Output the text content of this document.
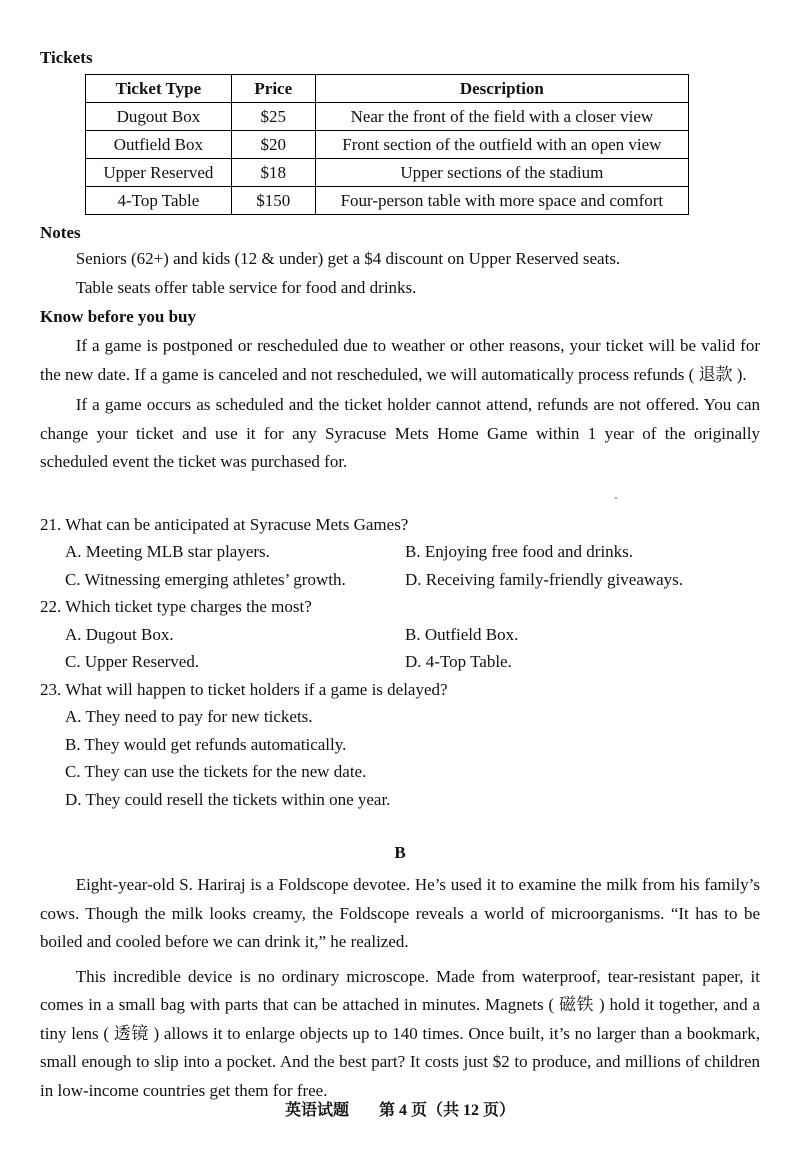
Tickets
Ticket Type	Price	Description
Dugout Box	$25	Near the front of the field with a closer view
Outfield Box	$20	Front section of the outfield with an open view
Upper Reserved	$18	Upper sections of the stadium
4-Top Table	$150	Four-person table with more space and comfort
Notes
Seniors (62+) and kids (12 & under) get a $4 discount on Upper Reserved seats.
Table seats offer table service for food and drinks.
Know before you buy

If a game is postponed or rescheduled due to weather or other reasons, your ticket will be valid for the new date. If a game is canceled and not rescheduled, we will automatically process refunds ( 退款 ).

If a game occurs as scheduled and the ticket holder cannot attend, refunds are not offered. You can change your ticket and use it for any Syracuse Mets Home Game within 1 year of the originally scheduled event the ticket was purchased for.

-
21. What can be anticipated at Syracuse Mets Games?
A. Meeting MLB star players.	B. Enjoying free food and drinks.
C. Witnessing emerging athletes’ growth.	D. Receiving family-friendly giveaways.
22. Which ticket type charges the most?
A. Dugout Box.	B. Outfield Box.
C. Upper Reserved.	D. 4-Top Table.
23. What will happen to ticket holders if a game is delayed?
A. They need to pay for new tickets.
B. They would get refunds automatically.
C. They can use the tickets for the new date.
D. They could resell the tickets within one year.
B

Eight-year-old S. Hariraj is a Foldscope devotee. He’s used it to examine the milk from his family’s cows. Though the milk looks creamy, the Foldscope reveals a world of microorganisms. “It has to be boiled and cooled before we can drink it,” he realized.

This incredible device is no ordinary microscope. Made from waterproof, tear-resistant paper, it comes in a small bag with parts that can be attached in minutes. Magnets ( 磁铁 ) hold it together, and a tiny lens ( 透镜 ) allows it to enlarge objects up to 140 times. Once built, it’s no larger than a bookmark, small enough to slip into a pocket. And the best part? It costs just $2 to produce, and millions of children in low-income countries get them for free.

英语试题 第 4 页（共 12 页）
